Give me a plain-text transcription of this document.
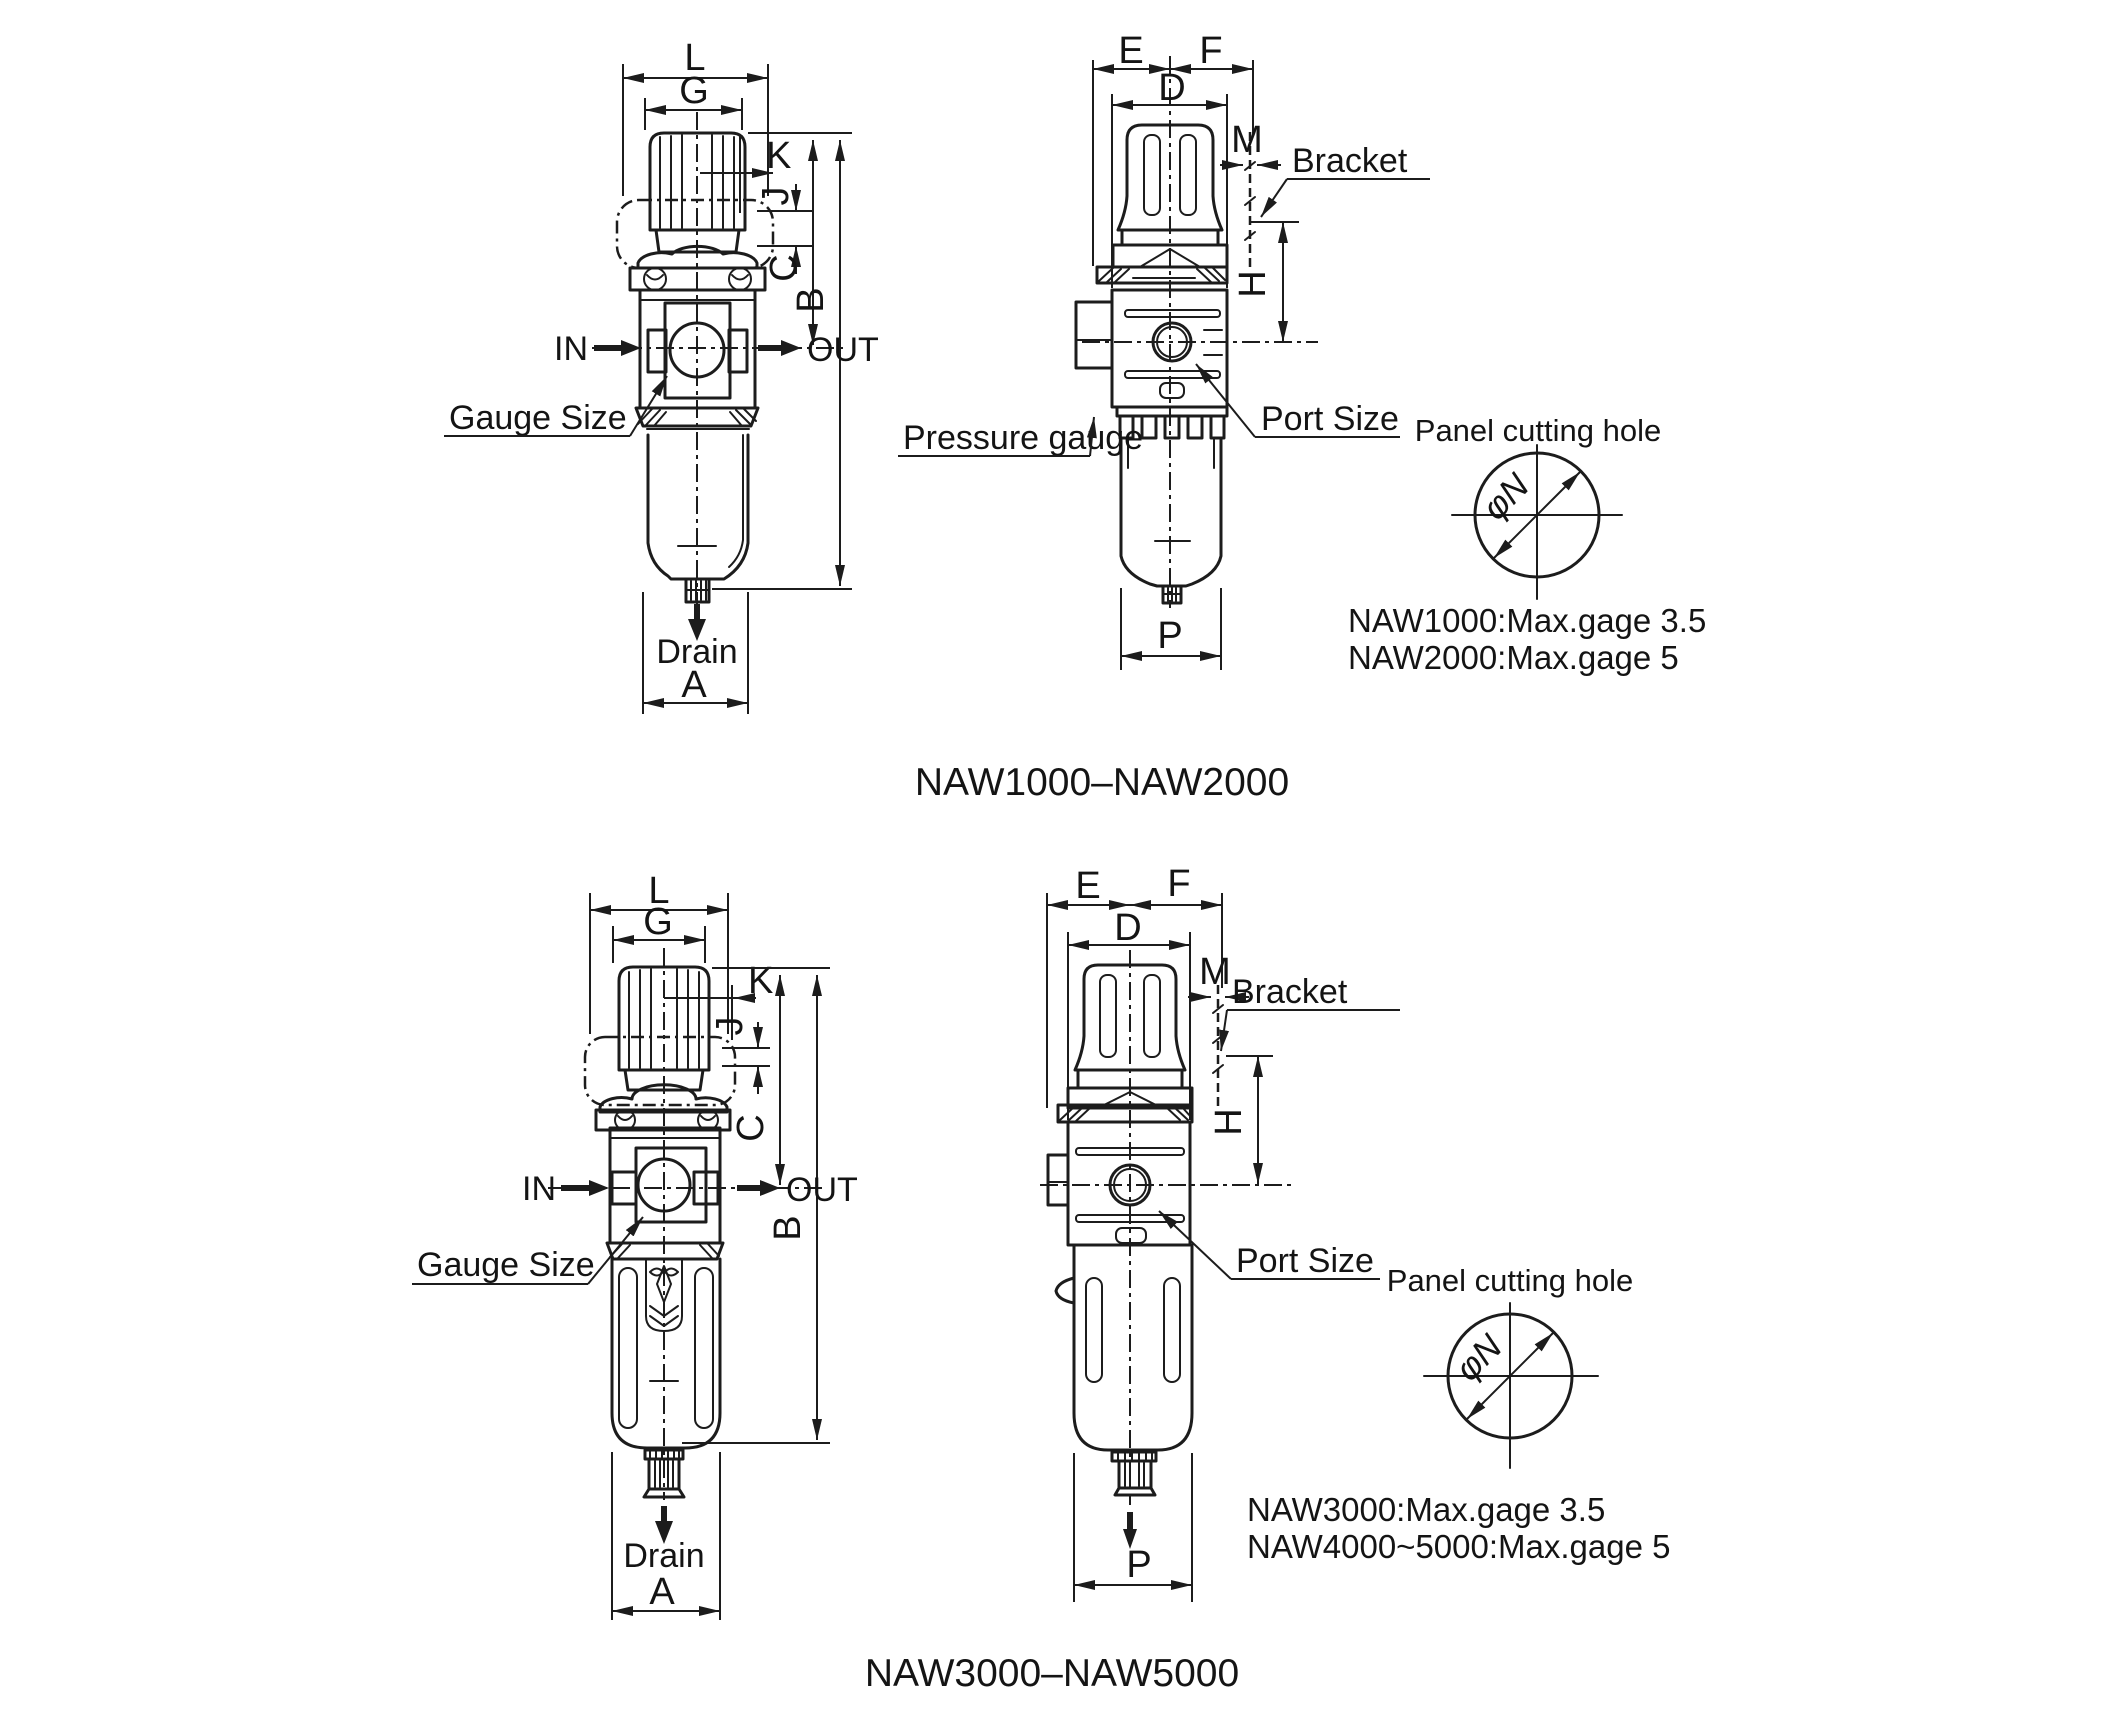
L
G
K
J
C
B
IN	OUT
Gauge Size
Drain
A
E F
D
M Bracket
H
Port Size
Pressure gauge
P
Panel cutting hole
φN
NAW1000:Max.gage 3.5
NAW2000:Max.gage 5
NAW1000–NAW2000
L
G
K
J
C
B
IN	OUT
Gauge Size
Drain
A
E F
D
M Bracket
H
Port Size
P
Panel cutting hole
φN
NAW3000:Max.gage 3.5
NAW4000~5000:Max.gage 5
NAW3000–NAW5000
